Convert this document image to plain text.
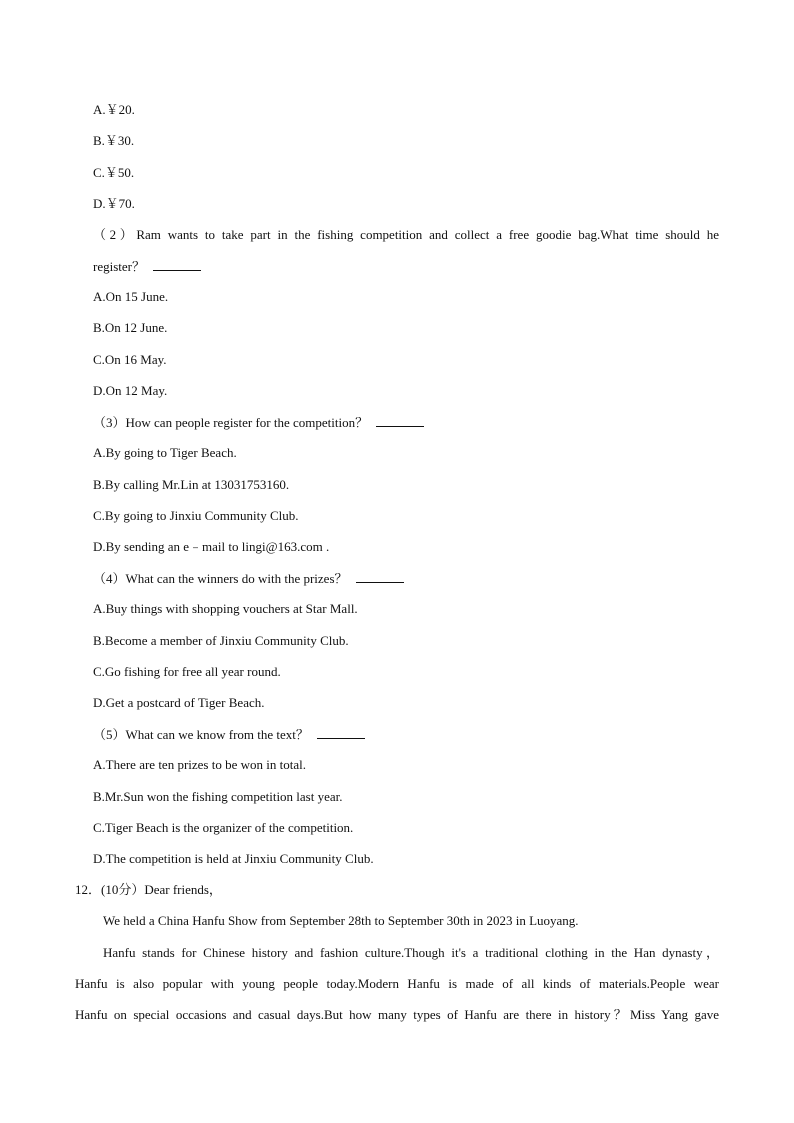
A.￥20.
B.￥30.
C.￥50.
D.￥70.
（2）Ram wants to take part in the fishing competition and collect a free goodie bag.What time should he
register？
A.On 15 June.
B.On 12 June.
C.On 16 May.
D.On 12 May.
（3）How can people register for the competition？
A.By going to Tiger Beach.
B.By calling Mr.Lin at 13031753160.
C.By going to Jinxiu Community Club.
D.By sending an e﹣mail to lingi@163.com .
（4）What can the winners do with the prizes？
A.Buy things with shopping vouchers at Star Mall.
B.Become a member of Jinxiu Community Club.
C.Go fishing for free all year round.
D.Get a postcard of Tiger Beach.
（5）What can we know from the text？
A.There are ten prizes to be won in total.
B.Mr.Sun won the fishing competition last year.
C.Tiger Beach is the organizer of the competition.
D.The competition is held at Jinxiu Community Club.
12．(10分）Dear friends，
We held a China Hanfu Show from September 28th to September 30th in 2023 in Luoyang.
Hanfu stands for Chinese history and fashion culture.Though it's a traditional clothing in the Han dynasty，
Hanfu is also popular with young people today.Modern Hanfu is made of all kinds of materials.People wear
Hanfu on special occasions and casual days.But how many types of Hanfu are there in history？Miss Yang gave
